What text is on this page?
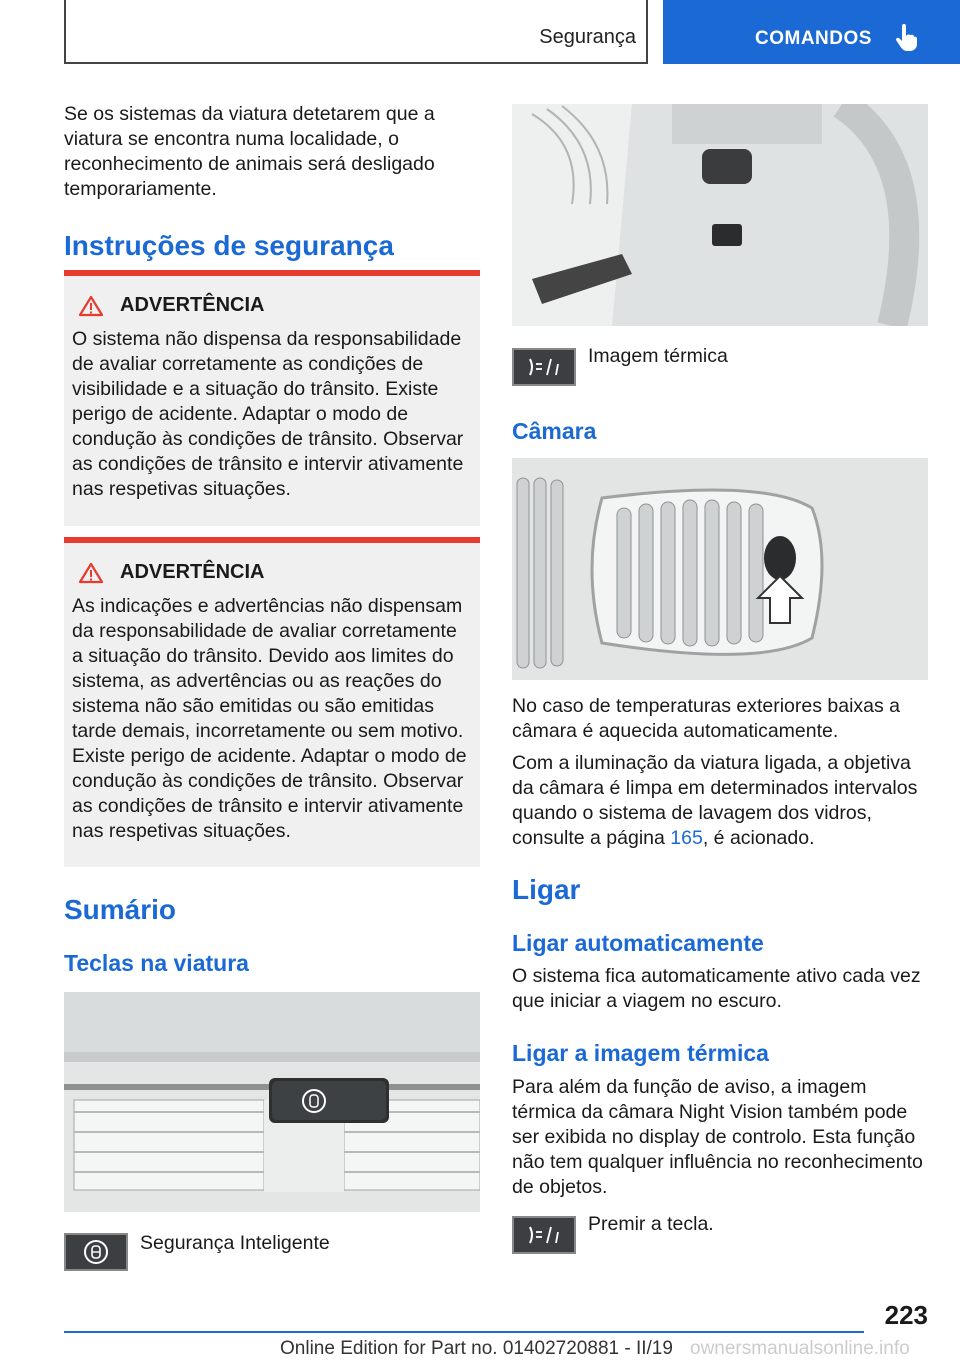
Segurança	COMANDOS

Se os sistemas da viatura detetarem que a viatura se encontra numa localidade, o reconhecimento de animais será desligado temporariamente.

Instruções de segurança
ADVERTÊNCIA

O sistema não dispensa da responsabilidade de avaliar corretamente as condições de visibilidade e a situação do trânsito. Existe perigo de acidente. Adaptar o modo de condução às condições de trânsito. Observar as condições de trânsito e intervir ativamente nas respetivas situações.

ADVERTÊNCIA

As indicações e advertências não dispensam da responsabilidade de avaliar corretamente a situação do trânsito. Devido aos limites do sistema, as advertências ou as reações do sistema não são emitidas ou são emitidas tarde demais, incorretamente ou sem motivo. Existe perigo de acidente. Adaptar o modo de condução às condições de trânsito. Observar as condições de trânsito e intervir ativamente nas respetivas situações.

Sumário
Teclas na viatura
Segurança Inteligente
Imagem térmica
Câmara

No caso de temperaturas exteriores baixas a câmara é aquecida automaticamente.

Com a iluminação da viatura ligada, a objetiva da câmara é limpa em determinados intervalos quando o sistema de lavagem dos vidros, consulte a página 165, é acionado.

Ligar
Ligar automaticamente

O sistema fica automaticamente ativo cada vez que iniciar a viagem no escuro.

Ligar a imagem térmica

Para além da função de aviso, a imagem térmica da câmara Night Vision também pode ser exibida no display de controlo. Esta função não tem qualquer influência no reconhecimento de objetos.

Premir a tecla.
223
Online Edition for Part no. 01402720881 - II/19 ownersmanualsonline.info
